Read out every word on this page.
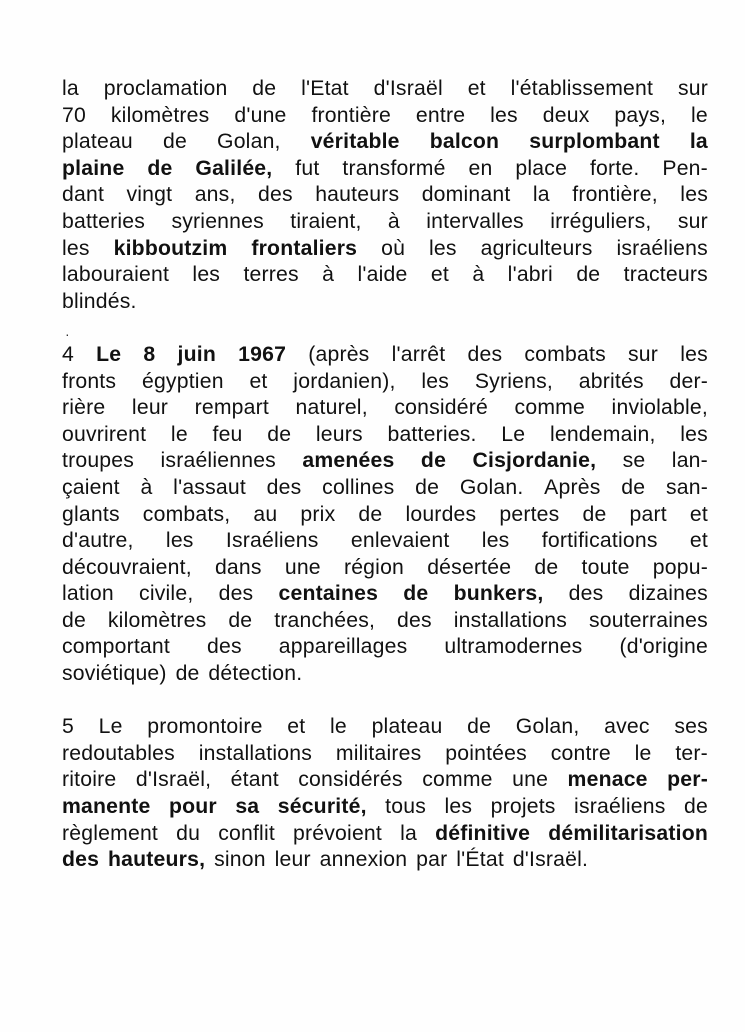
la proclamation de l'Etat d'Israël et l'établissement sur
70 kilomètres d'une frontière entre les deux pays, le
plateau de Golan, véritable balcon surplombant la
plaine de Galilée, fut transformé en place forte. Pen-
dant vingt ans, des hauteurs dominant la frontière, les
batteries syriennes tiraient, à intervalles irréguliers, sur
les kibboutzim frontaliers où les agriculteurs israéliens
labouraient les terres à l'aide et à l'abri de tracteurs
blindés.
·
4 Le 8 juin 1967 (après l'arrêt des combats sur les
fronts égyptien et jordanien), les Syriens, abrités der-
rière leur rempart naturel, considéré comme inviolable,
ouvrirent le feu de leurs batteries. Le lendemain, les
troupes israéliennes amenées de Cisjordanie, se lan-
çaient à l'assaut des collines de Golan. Après de san-
glants combats, au prix de lourdes pertes de part et
d'autre, les Israéliens enlevaient les fortifications et
découvraient, dans une région désertée de toute popu-
lation civile, des centaines de bunkers, des dizaines
de kilomètres de tranchées, des installations souterraines
comportant des appareillages ultramodernes (d'origine
soviétique) de détection.
5 Le promontoire et le plateau de Golan, avec ses
redoutables installations militaires pointées contre le ter-
ritoire d'Israël, étant considérés comme une menace per-
manente pour sa sécurité, tous les projets israéliens de
règlement du conflit prévoient la définitive démilitarisation
des hauteurs, sinon leur annexion par l'État d'Israël.
